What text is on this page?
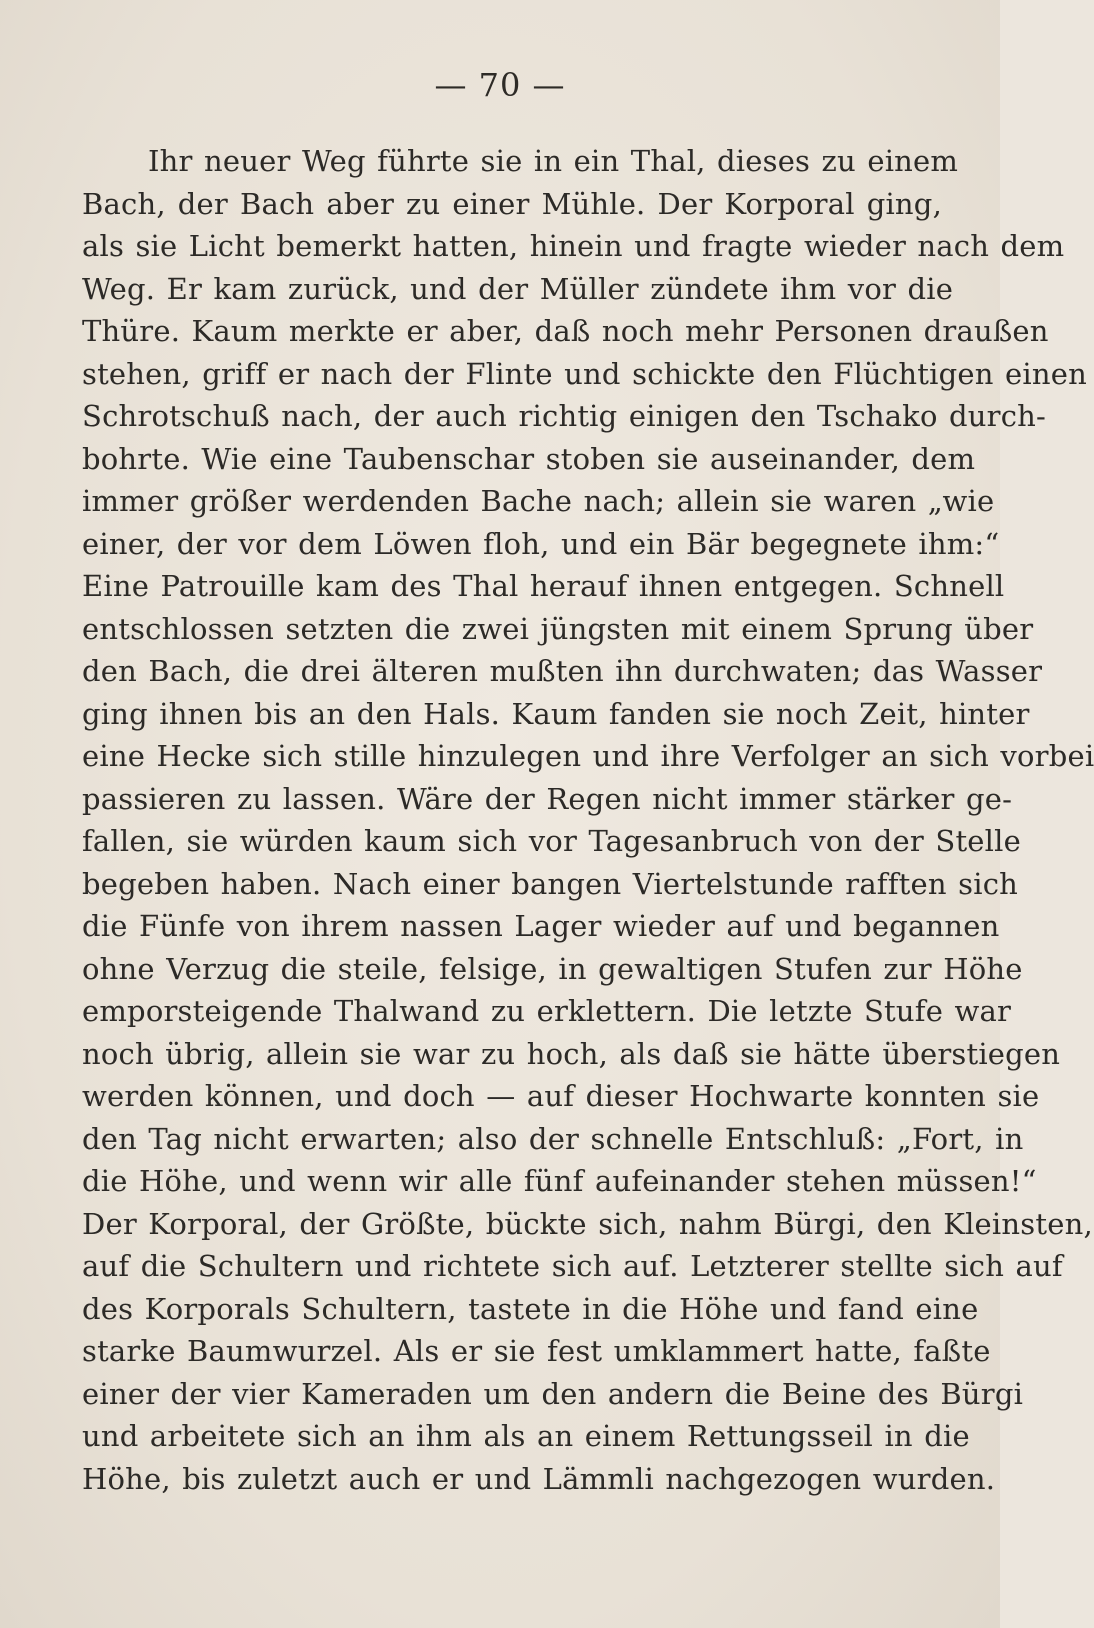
— 70 —
Ihr neuer Weg führte sie in ein Thal, dieses zu einem
Bach, der Bach aber zu einer Mühle. Der Korporal ging,
als sie Licht bemerkt hatten, hinein und fragte wieder nach dem
Weg. Er kam zurück, und der Müller zündete ihm vor die
Thüre. Kaum merkte er aber, daß noch mehr Personen draußen
stehen, griff er nach der Flinte und schickte den Flüchtigen einen
Schrotschuß nach, der auch richtig einigen den Tschako durch-
bohrte. Wie eine Taubenschar stoben sie auseinander, dem
immer größer werdenden Bache nach; allein sie waren „wie
einer, der vor dem Löwen floh, und ein Bär begegnete ihm:“
Eine Patrouille kam des Thal herauf ihnen entgegen. Schnell
entschlossen setzten die zwei jüngsten mit einem Sprung über
den Bach, die drei älteren mußten ihn durchwaten; das Wasser
ging ihnen bis an den Hals. Kaum fanden sie noch Zeit, hinter
eine Hecke sich stille hinzulegen und ihre Verfolger an sich vorbei
passieren zu lassen. Wäre der Regen nicht immer stärker ge-
fallen, sie würden kaum sich vor Tagesanbruch von der Stelle
begeben haben. Nach einer bangen Viertelstunde rafften sich
die Fünfe von ihrem nassen Lager wieder auf und begannen
ohne Verzug die steile, felsige, in gewaltigen Stufen zur Höhe
emporsteigende Thalwand zu erklettern. Die letzte Stufe war
noch übrig, allein sie war zu hoch, als daß sie hätte überstiegen
werden können, und doch — auf dieser Hochwarte konnten sie
den Tag nicht erwarten; also der schnelle Entschluß: „Fort, in
die Höhe, und wenn wir alle fünf aufeinander stehen müssen!“
Der Korporal, der Größte, bückte sich, nahm Bürgi, den Kleinsten,
auf die Schultern und richtete sich auf. Letzterer stellte sich auf
des Korporals Schultern, tastete in die Höhe und fand eine
starke Baumwurzel. Als er sie fest umklammert hatte, faßte
einer der vier Kameraden um den andern die Beine des Bürgi
und arbeitete sich an ihm als an einem Rettungsseil in die
Höhe, bis zuletzt auch er und Lämmli nachgezogen wurden.
